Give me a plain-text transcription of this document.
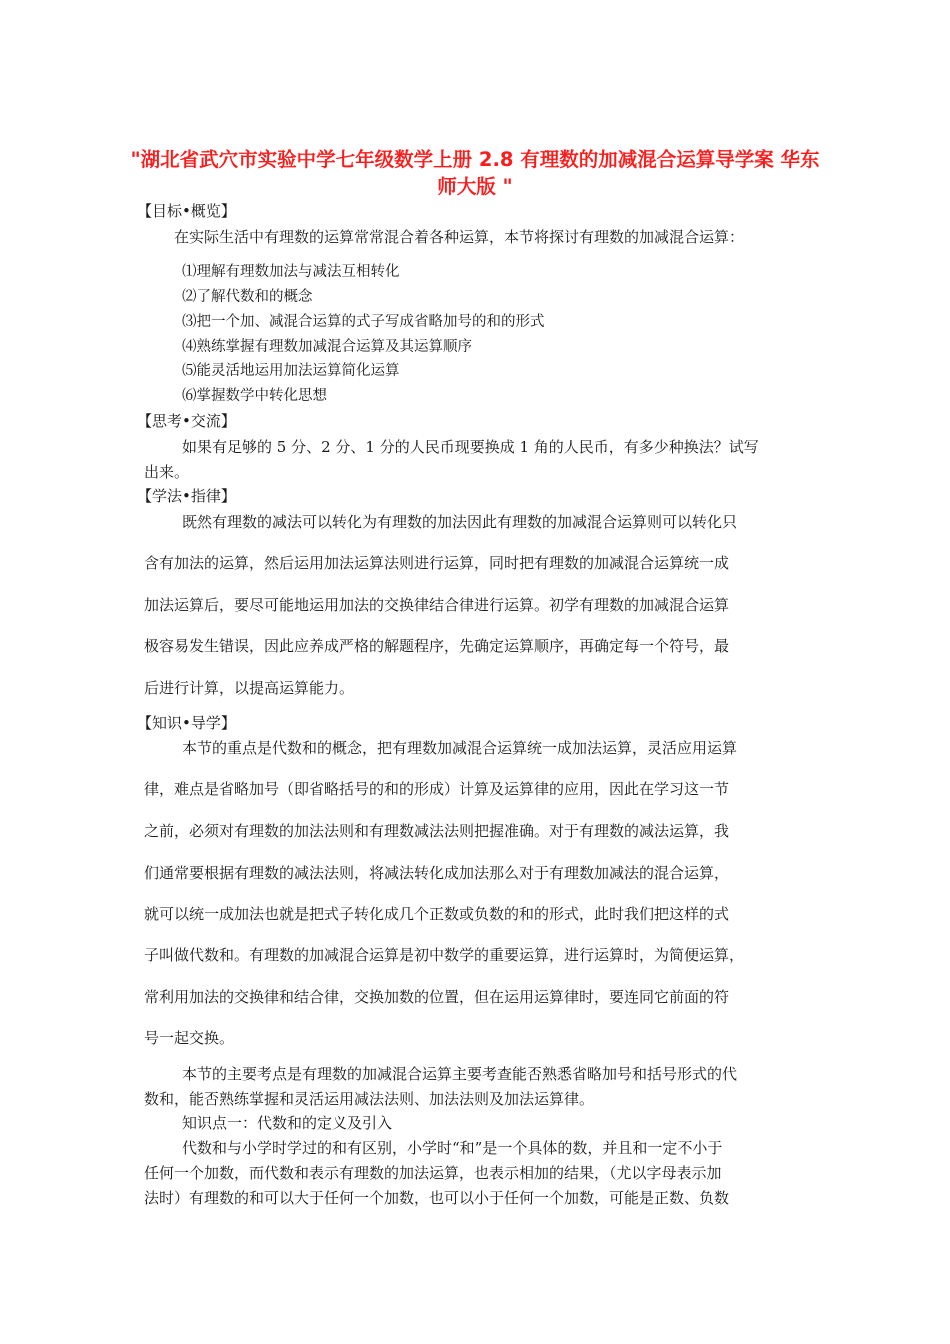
"湖北省武穴市实验中学七年级数学上册 2.8 有理数的加减混合运算导学案 华东师大版 "
【目标•概览】
在实际生活中有理数的运算常常混合着各种运算，本节将探讨有理数的加减混合运算：
⑴理解有理数加法与减法互相转化
⑵了解代数和的概念
⑶把一个加、减混合运算的式子写成省略加号的和的形式
⑷熟练掌握有理数加减混合运算及其运算顺序
⑸能灵活地运用加法运算简化运算
⑹掌握数学中转化思想
【思考•交流】
如果有足够的 5 分、2 分、1 分的人民币现要换成 1 角的人民币，有多少种换法？试写
出来。
【学法•指律】
既然有理数的减法可以转化为有理数的加法因此有理数的加减混合运算则可以转化只
含有加法的运算，然后运用加法运算法则进行运算，同时把有理数的加减混合运算统一成
加法运算后，要尽可能地运用加法的交换律结合律进行运算。初学有理数的加减混合运算
极容易发生错误，因此应养成严格的解题程序，先确定运算顺序，再确定每一个符号，最
后进行计算，以提高运算能力。
【知识•导学】
本节的重点是代数和的概念，把有理数加减混合运算统一成加法运算，灵活应用运算
律，难点是省略加号（即省略括号的和的形成）计算及运算律的应用，因此在学习这一节
之前，必须对有理数的加法法则和有理数减法法则把握准确。对于有理数的减法运算，我
们通常要根据有理数的减法法则，将减法转化成加法那么对于有理数加减法的混合运算，
就可以统一成加法也就是把式子转化成几个正数或负数的和的形式，此时我们把这样的式
子叫做代数和。有理数的加减混合运算是初中数学的重要运算，进行运算时，为简便运算，
常利用加法的交换律和结合律，交换加数的位置，但在运用运算律时，要连同它前面的符
号一起交换。
本节的主要考点是有理数的加减混合运算主要考查能否熟悉省略加号和括号形式的代
数和，能否熟练掌握和灵活运用减法法则、加法法则及加法运算律。
知识点一：代数和的定义及引入
代数和与小学时学过的和有区别，小学时“和”是一个具体的数，并且和一定不小于
任何一个加数，而代数和表示有理数的加法运算，也表示相加的结果，（尤以字母表示加
法时）有理数的和可以大于任何一个加数，也可以小于任何一个加数，可能是正数、负数
